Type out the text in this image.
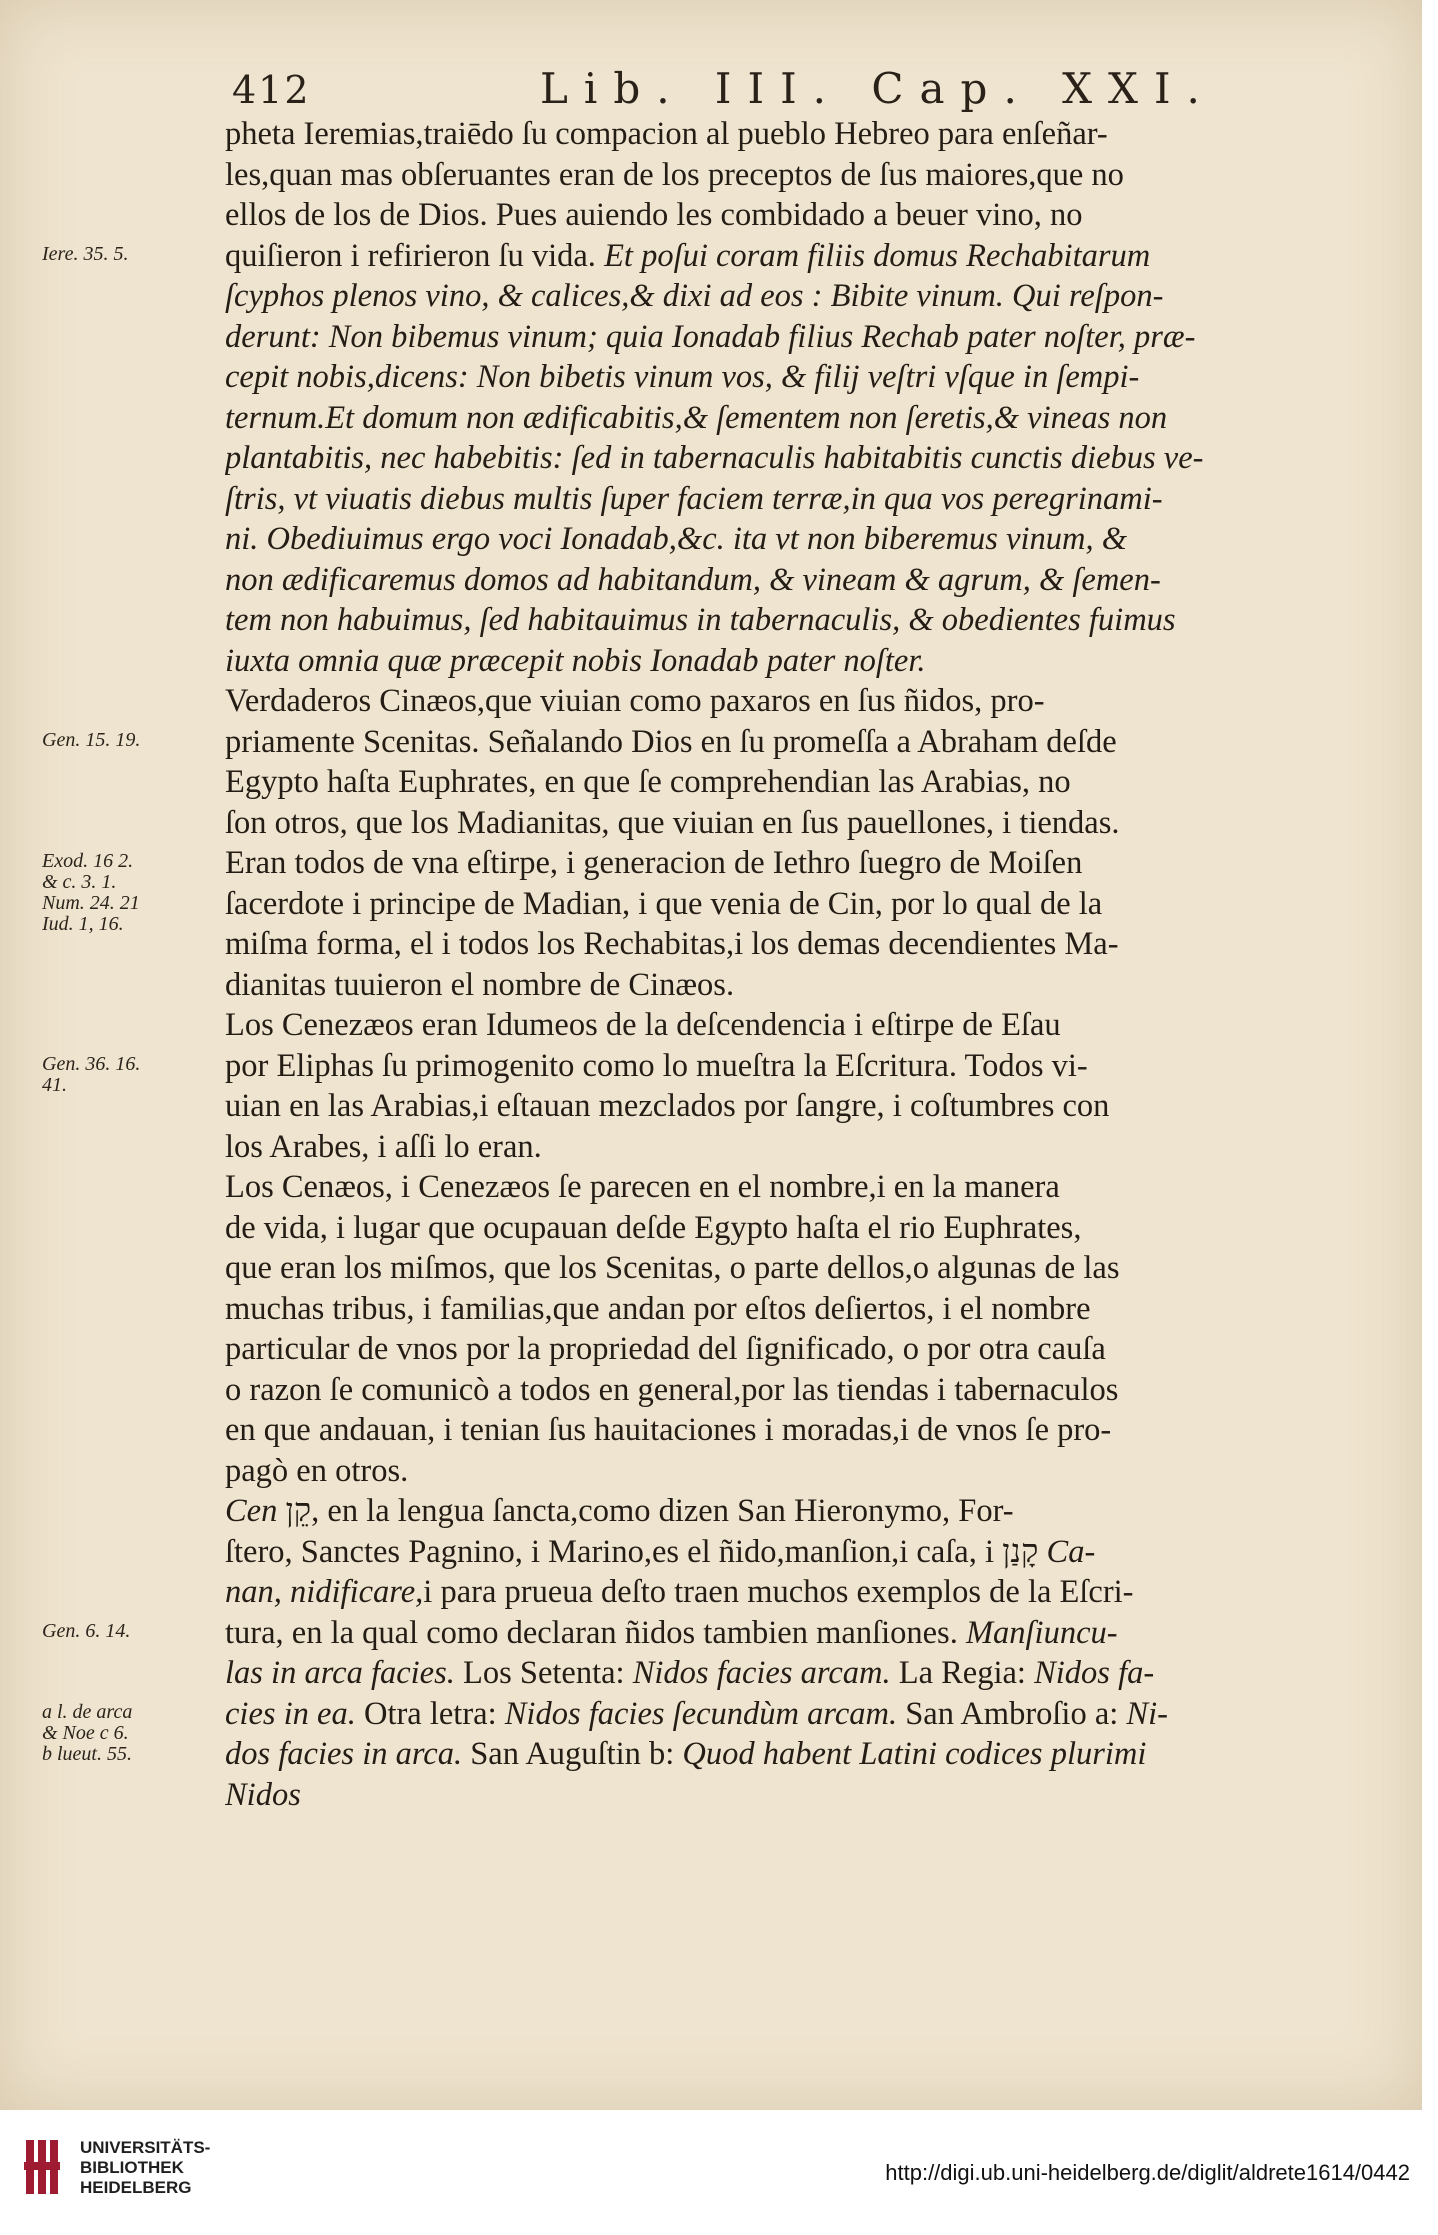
412	Lib. III. Cap. XXI.
pheta Ieremias,traiēdo ſu compacion al pueblo Hebreo para enſeñar-
les,quan mas obſeruantes eran de los preceptos de ſus maiores,que no
ellos de los de Dios. Pues auiendo les combidado a beuer vino, no
quiſieron i refirieron ſu vida. Et poſui coram filiis domus Rechabitarum
ſcyphos plenos vino, & calices,& dixi ad eos : Bibite vinum. Qui reſpon-
derunt: Non bibemus vinum; quia Ionadab filius Rechab pater noſter, præ-
cepit nobis,dicens: Non bibetis vinum vos, & filij veſtri vſque in ſempi-
ternum.Et domum non ædificabitis,& ſementem non ſeretis,& vineas non
plantabitis, nec habebitis: ſed in tabernaculis habitabitis cunctis diebus ve-
ſtris, vt viuatis diebus multis ſuper faciem terræ,in qua vos peregrinami-
ni. Obediuimus ergo voci Ionadab,&c. ita vt non biberemus vinum, &
non ædificaremus domos ad habitandum, & vineam & agrum, & ſemen-
tem non habuimus, ſed habitauimus in tabernaculis, & obedientes fuimus
iuxta omnia quæ præcepit nobis Ionadab pater noſter.
Verdaderos Cinæos,que viuian como paxaros en ſus ñidos, pro-
priamente Scenitas. Señalando Dios en ſu promeſſa a Abraham deſde
Egypto haſta Euphrates, en que ſe comprehendian las Arabias, no
ſon otros, que los Madianitas, que viuian en ſus pauellones, i tiendas.
Eran todos de vna eſtirpe, i generacion de Iethro ſuegro de Moiſen
ſacerdote i principe de Madian, i que venia de Cin, por lo qual de la
miſma forma, el i todos los Rechabitas,i los demas decendientes Ma-
dianitas tuuieron el nombre de Cinæos.
Los Cenezæos eran Idumeos de la deſcendencia i eſtirpe de Eſau
por Eliphas ſu primogenito como lo mueſtra la Eſcritura. Todos vi-
uian en las Arabias,i eſtauan mezclados por ſangre, i coſtumbres con
los Arabes, i aſſi lo eran.
Los Cenæos, i Cenezæos ſe parecen en el nombre,i en la manera
de vida, i lugar que ocupauan deſde Egypto haſta el rio Euphrates,
que eran los miſmos, que los Scenitas, o parte dellos,o algunas de las
muchas tribus, i familias,que andan por eſtos deſiertos, i el nombre
particular de vnos por la propriedad del ſignificado, o por otra cauſa
o razon ſe comunicò a todos en general,por las tiendas i tabernaculos
en que andauan, i tenian ſus hauitaciones i moradas,i de vnos ſe pro-
pagò en otros.
Cen קֵן, en la lengua ſancta,como dizen San Hieronymo, For-
ſtero, Sanctes Pagnino, i Marino,es el ñido,manſion,i caſa, i קָנַן Ca-
nan, nidificare,i para prueua deſto traen muchos exemplos de la Eſcri-
tura, en la qual como declaran ñidos tambien manſiones. Manſiuncu-
las in arca facies. Los Setenta: Nidos facies arcam. La Regia: Nidos fa-
cies in ea. Otra letra: Nidos facies ſecundùm arcam. San Ambroſio a: Ni-
dos facies in arca. San Auguſtin b: Quod habent Latini codices plurimi
Nidos
Iere. 35. 5.
Gen. 15. 19.
Exod. 16 2.
& c. 3. 1.
Num. 24. 21
Iud. 1, 16.
Gen. 36. 16.
41.
Gen. 6. 14.
a l. de arca
& Noe c 6.
b lueut. 55.
UNIVERSITÄTS-
BIBLIOTHEK
HEIDELBERG
http://digi.ub.uni-heidelberg.de/diglit/aldrete1614/0442
